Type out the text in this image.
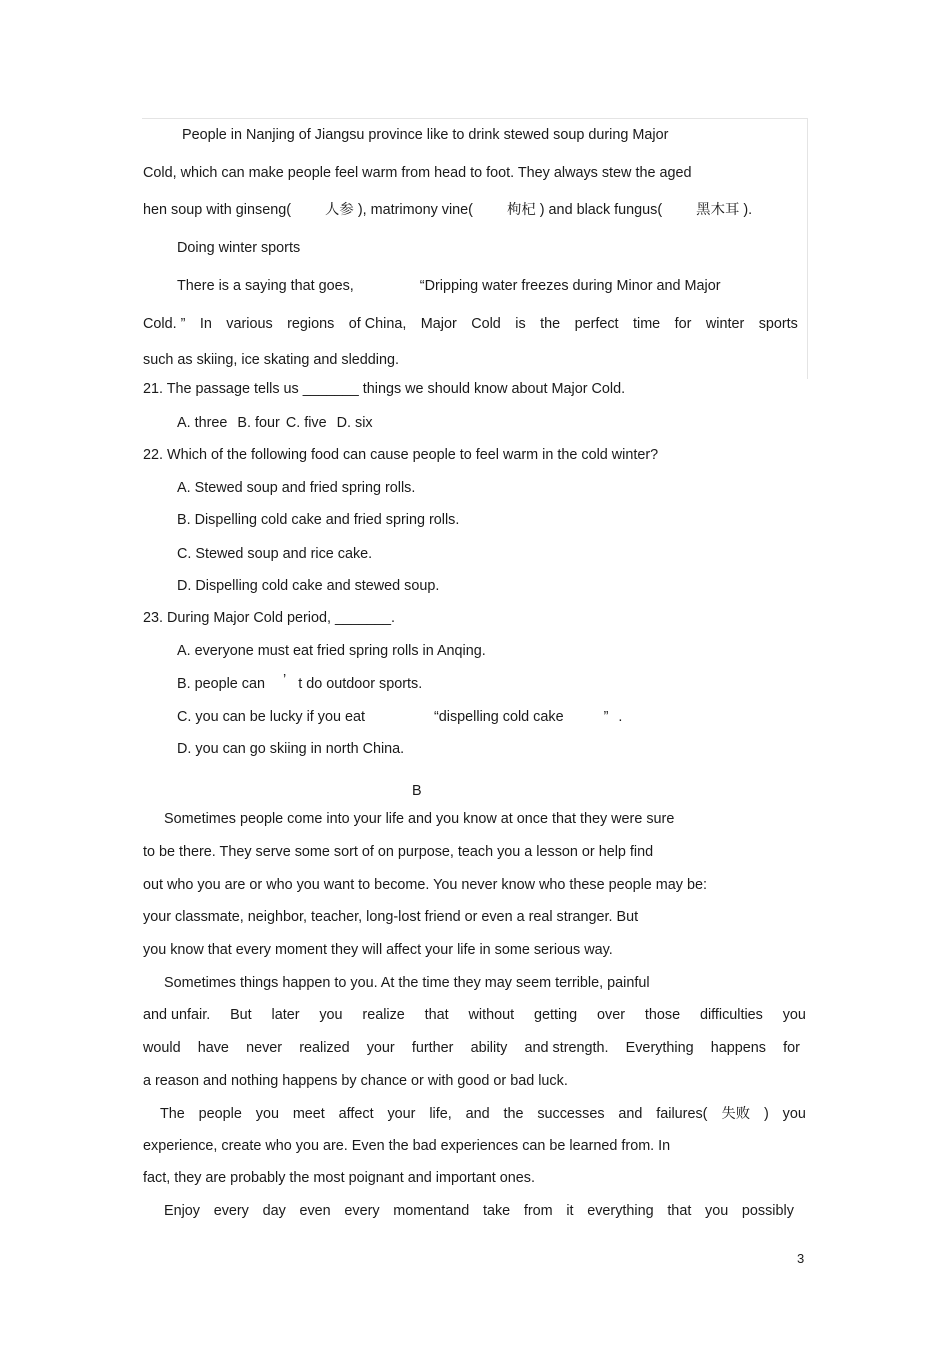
People in Nanjing of Jiangsu province like to drink stewed soup during Major
Cold, which can make people feel warm from head to foot. They always stew the aged
hen soup with ginseng( 人参 ), matrimony vine( 枸杞 ) and black fungus( 黑木耳 ).
Doing winter sports
There is a saying that goes,	“Dripping water freezes during Minor and Major
Cold. ” In various regions of China, Major Cold is the perfect time for winter sports
such as skiing, ice skating and sledding.
21. The passage tells us _______ things we should know about Major Cold.
A. three B. four C. five D. six
22. Which of the following food can cause people to feel warm in the cold winter?
A. Stewed soup and fried spring rolls.
B. Dispelling cold cake and fried spring rolls.
C. Stewed soup and rice cake.
D. Dispelling cold cake and stewed soup.
23. During Major Cold period, _______.
A. everyone must eat fried spring rolls in Anqing.
B. people can ’ t do outdoor sports.
C. you can be lucky if you eat	“dispelling cold cake	” .
D. you can go skiing in north China.
B
Sometimes people come into your life and you know at once that they were sure
to be there. They serve some sort of on purpose, teach you a lesson or help find
out who you are or who you want to become. You never know who these people may be:
your classmate, neighbor, teacher, long-lost friend or even a real stranger. But
you know that every moment they will affect your life in some serious way.
Sometimes things happen to you. At the time they may seem terrible, painful
and unfair. But later you realize that without getting over those difficulties you
would have never realized your further ability and strength. Everything happens for
a reason and nothing happens by chance or with good or bad luck.
The people you meet affect your life, and the successes and failures( 失败 ) you
experience, create who you are. Even the bad experiences can be learned from. In
fact, they are probably the most poignant and important ones.
Enjoy every day even every momentand take from it everything that you possibly
3
